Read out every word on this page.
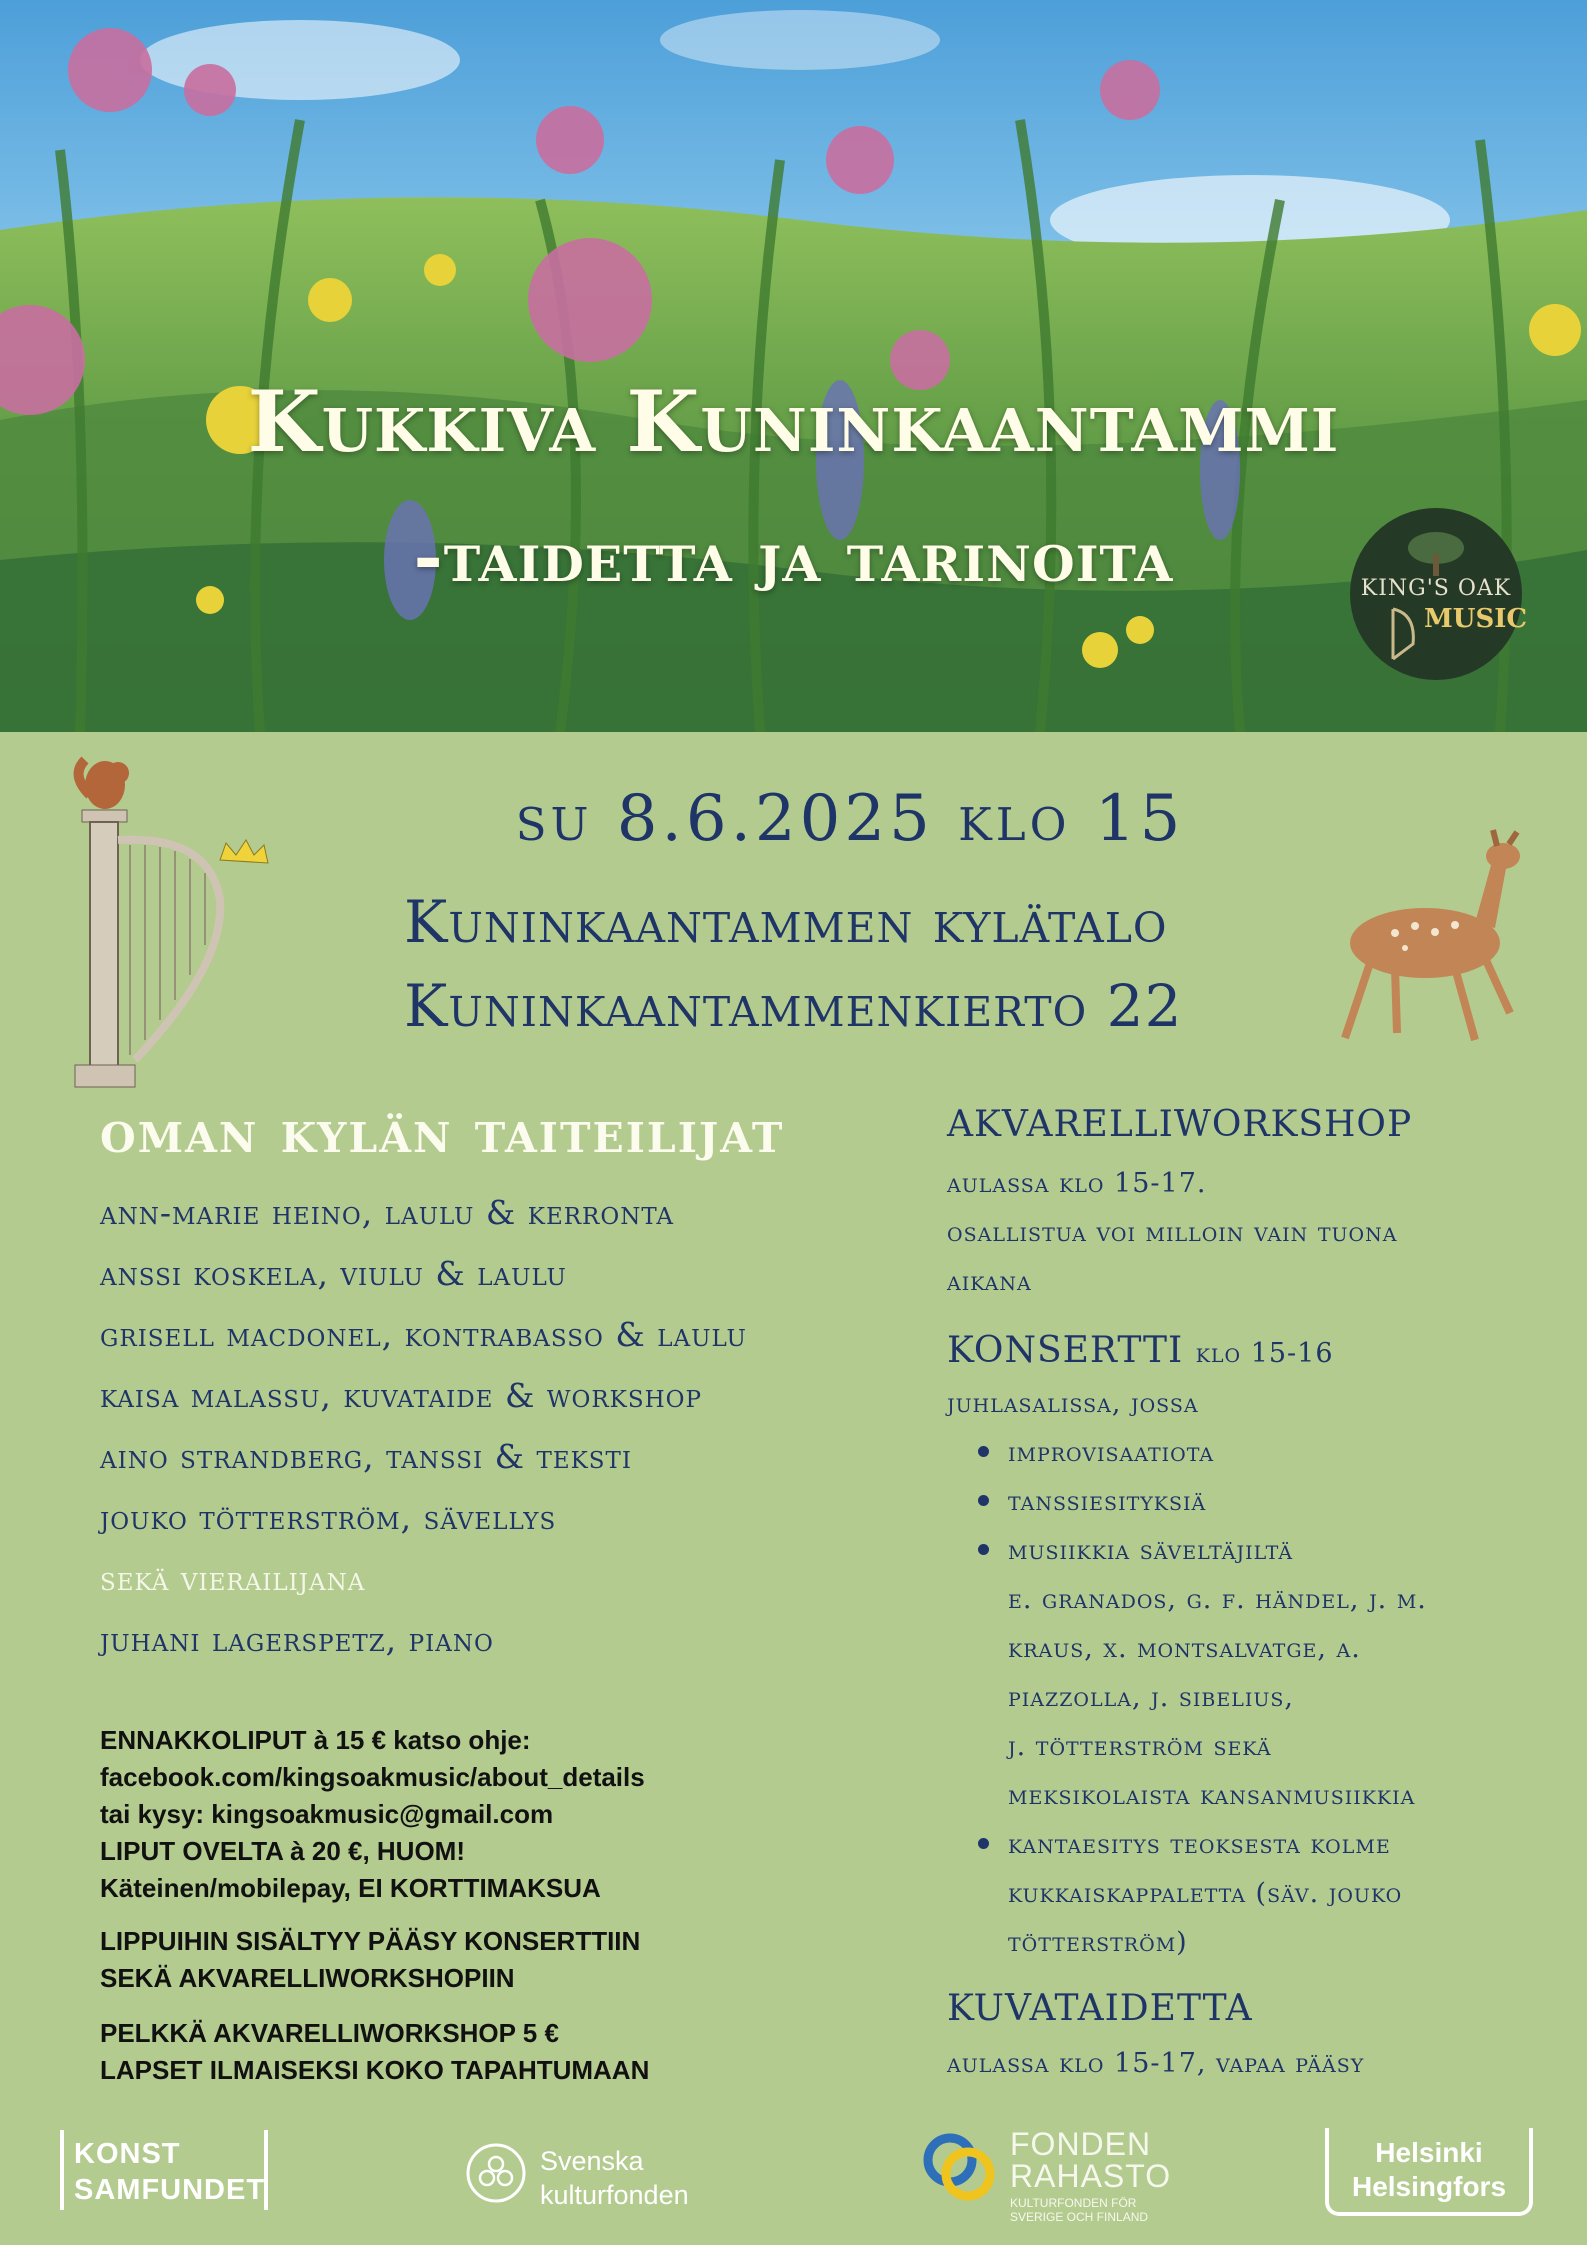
Kukkiva Kuninkaantammi
-taidetta ja tarinoita	KING'S OAK
MUSIC
su 8.6.2025 klo 15
Kuninkaantammen kylätalo
Kuninkaantammenkierto 22
oman kylän taiteilijat
ann-marie heino, laulu & kerronta
anssi koskela, viulu & laulu
grisell macdonel, kontrabasso & laulu
kaisa malassu, kuvataide & workshop
aino strandberg, tanssi & teksti
jouko tötterström, sävellys
sekä vierailijana
juhani lagerspetz, piano
ENNAKKOLIPUT à 15 € katso ohje:
facebook.com/kingsoakmusic/about_details
tai kysy: kingsoakmusic@gmail.com
LIPUT OVELTA à 20 €, HUOM!
Käteinen/mobilepay, EI KORTTIMAKSUA
LIPPUIHIN SISÄLTYY PÄÄSY KONSERTTIIN
SEKÄ AKVARELLIWORKSHOPIIN
PELKKÄ AKVARELLIWORKSHOP 5 €
LAPSET ILMAISEKSI KOKO TAPAHTUMAAN
AKVARELLIWORKSHOP
aulassa klo 15-17.
osallistua voi milloin vain tuona
aikana
KONSERTTI klo 15-16
juhlasalissa, jossa
improvisaatiota
tanssiesityksiä
musiikkia säveltäjiltä
e. granados, g. f. händel, j. m.
kraus, x. montsalvatge, a.
piazzolla, j. sibelius,
j. tötterström sekä
meksikolaista kansanmusiikkia
kantaesitys teoksesta kolme
kukkaiskappaletta (säv. jouko
tötterström)
KUVATAIDETTA
aulassa klo 15-17, vapaa pääsy
KONST
SAMFUNDET
Svenska
kulturfonden
FONDEN
RAHASTO
KULTURFONDEN FÖR
SVERIGE OCH FINLAND
Helsinki
Helsingfors
